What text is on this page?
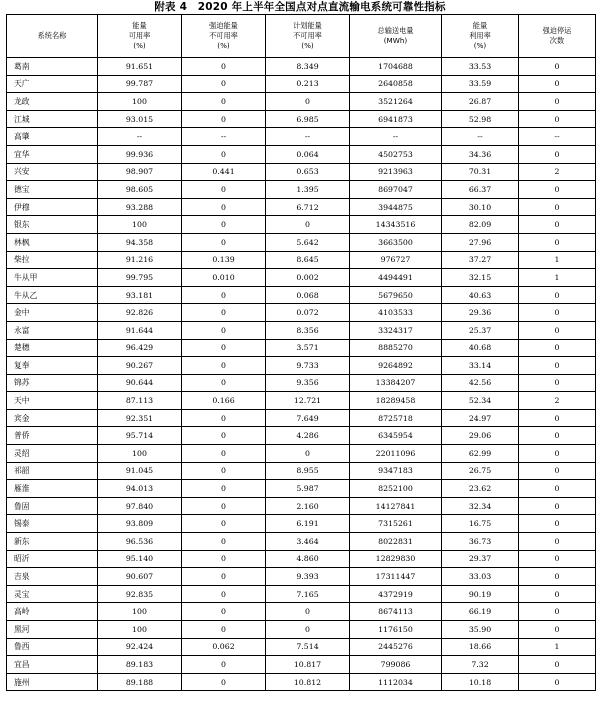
附表 4　2020 年上半年全国点对点直流输电系统可靠性指标
系统名称	能量
可用率
(%)	强迫能量
不可用率
(%)	计划能量
不可用率
(%)	总输送电量
(MWh)	能量
利用率
(%)	强迫停运
次数

葛南	91.651	0	8.349	1704688	33.53	0
天广	99.787	0	0.213	2640858	33.59	0
龙政	100	0	0	3521264	26.87	0
江城	93.015	0	6.985	6941873	52.98	0
高肇	--	--	--	--	--	--
宜华	99.936	0	0.064	4502753	34.36	0
兴安	98.907	0.441	0.653	9213963	70.31	2
德宝	98.605	0	1.395	8697047	66.37	0
伊穆	93.288	0	6.712	3944875	30.10	0
银东	100	0	0	14343516	82.09	0
林枫	94.358	0	5.642	3663500	27.96	0
柴拉	91.216	0.139	8.645	976727	37.27	1
牛从甲	99.795	0.010	0.002	4494491	32.15	1
牛从乙	93.181	0	0.068	5679650	40.63	0
金中	92.826	0	0.072	4103533	29.36	0
永富	91.644	0	8.356	3324317	25.37	0
楚穗	96.429	0	3.571	8885270	40.68	0
复奉	90.267	0	9.733	9264892	33.14	0
锦苏	90.644	0	9.356	13384207	42.56	0
天中	87.113	0.166	12.721	18289458	52.34	2
宾金	92.351	0	7.649	8725718	24.97	0
普侨	95.714	0	4.286	6345954	29.06	0
灵绍	100	0	0	22011096	62.99	0
祁韶	91.045	0	8.955	9347183	26.75	0
雁淮	94.013	0	5.987	8252100	23.62	0
鲁固	97.840	0	2.160	14127841	32.34	0
锡泰	93.809	0	6.191	7315261	16.75	0
新东	96.536	0	3.464	8022831	36.73	0
昭沂	95.140	0	4.860	12829830	29.37	0
吉泉	90.607	0	9.393	17311447	33.03	0
灵宝	92.835	0	7.165	4372919	90.19	0
高岭	100	0	0	8674113	66.19	0
黑河	100	0	0	1176150	35.90	0
鲁西	92.424	0.062	7.514	2445276	18.66	1
宜昌	89.183	0	10.817	799086	7.32	0
施州	89.188	0	10.812	1112034	10.18	0
